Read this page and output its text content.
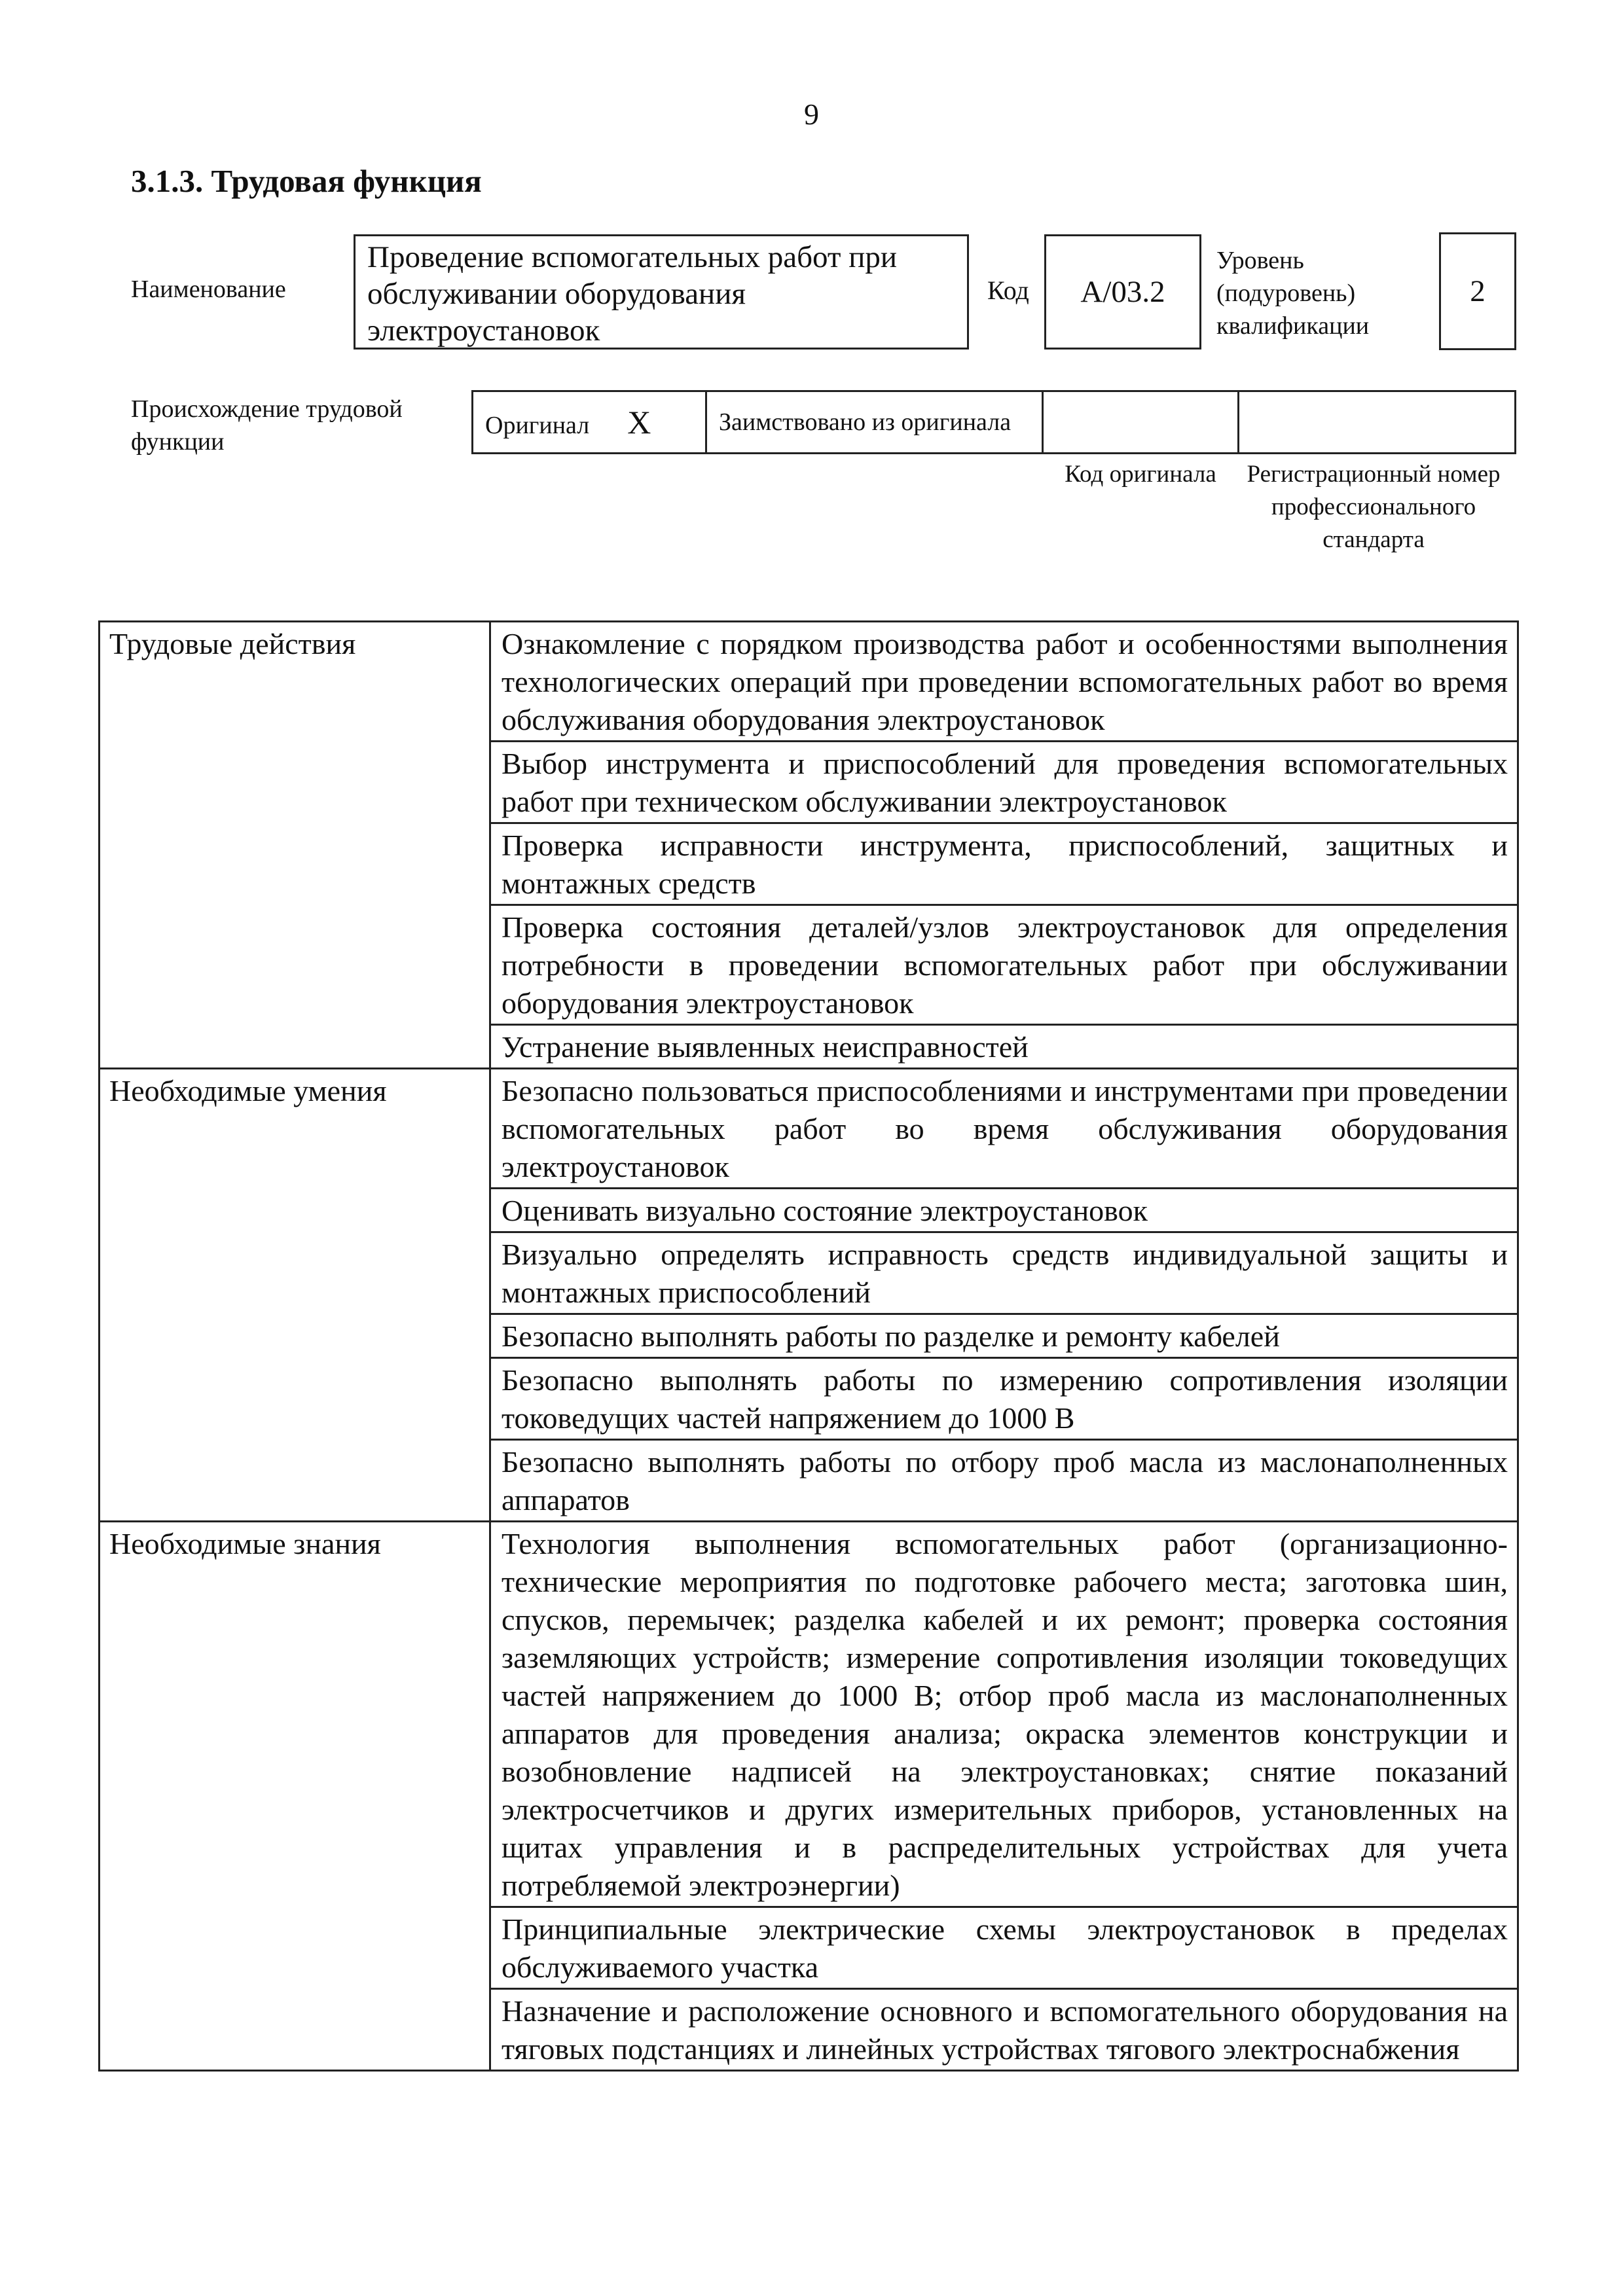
9
3.1.3. Трудовая функция
Наименование
Проведение вспомогательных работ при обслуживании оборудования электроустановок
Код	А/03.2
Уровень (подуровень) квалификации
2
Происхождение трудовой функции
Оригинал X	Заимствовано из оригинала		
Код оригинала	Регистрационный номер профессионального стандарта
Трудовые действия	Ознакомление с порядком производства работ и особенностями выполнения технологических операций при проведении вспомогательных работ во время обслуживания оборудования электроустановок
	Выбор инструмента и приспособлений для проведения вспомогательных работ при техническом обслуживании электроустановок
	Проверка исправности инструмента, приспособлений, защитных и монтажных средств
	Проверка состояния деталей/узлов электроустановок для определения потребности в проведении вспомогательных работ при обслуживании оборудования электроустановок
	Устранение выявленных неисправностей
Необходимые умения	Безопасно пользоваться приспособлениями и инструментами при проведении вспомогательных работ во время обслуживания оборудования электроустановок
	Оценивать визуально состояние электроустановок
	Визуально определять исправность средств индивидуальной защиты и монтажных приспособлений
	Безопасно выполнять работы по разделке и ремонту кабелей
	Безопасно выполнять работы по измерению сопротивления изоляции токоведущих частей напряжением до 1000 В
	Безопасно выполнять работы по отбору проб масла из маслонаполненных аппаратов
Необходимые знания	Технология выполнения вспомогательных работ (организационно-технические мероприятия по подготовке рабочего места; заготовка шин, спусков, перемычек; разделка кабелей и их ремонт; проверка состояния заземляющих устройств; измерение сопротивления изоляции токоведущих частей напряжением до 1000 В; отбор проб масла из маслонаполненных аппаратов для проведения анализа; окраска элементов конструкции и возобновление надписей на электроустановках; снятие показаний электросчетчиков и других измерительных приборов, установленных на щитах управления и в распределительных устройствах для учета потребляемой электроэнергии)
	Принципиальные электрические схемы электроустановок в пределах обслуживаемого участка
	Назначение и расположение основного и вспомогательного оборудования на тяговых подстанциях и линейных устройствах тягового электроснабжения
